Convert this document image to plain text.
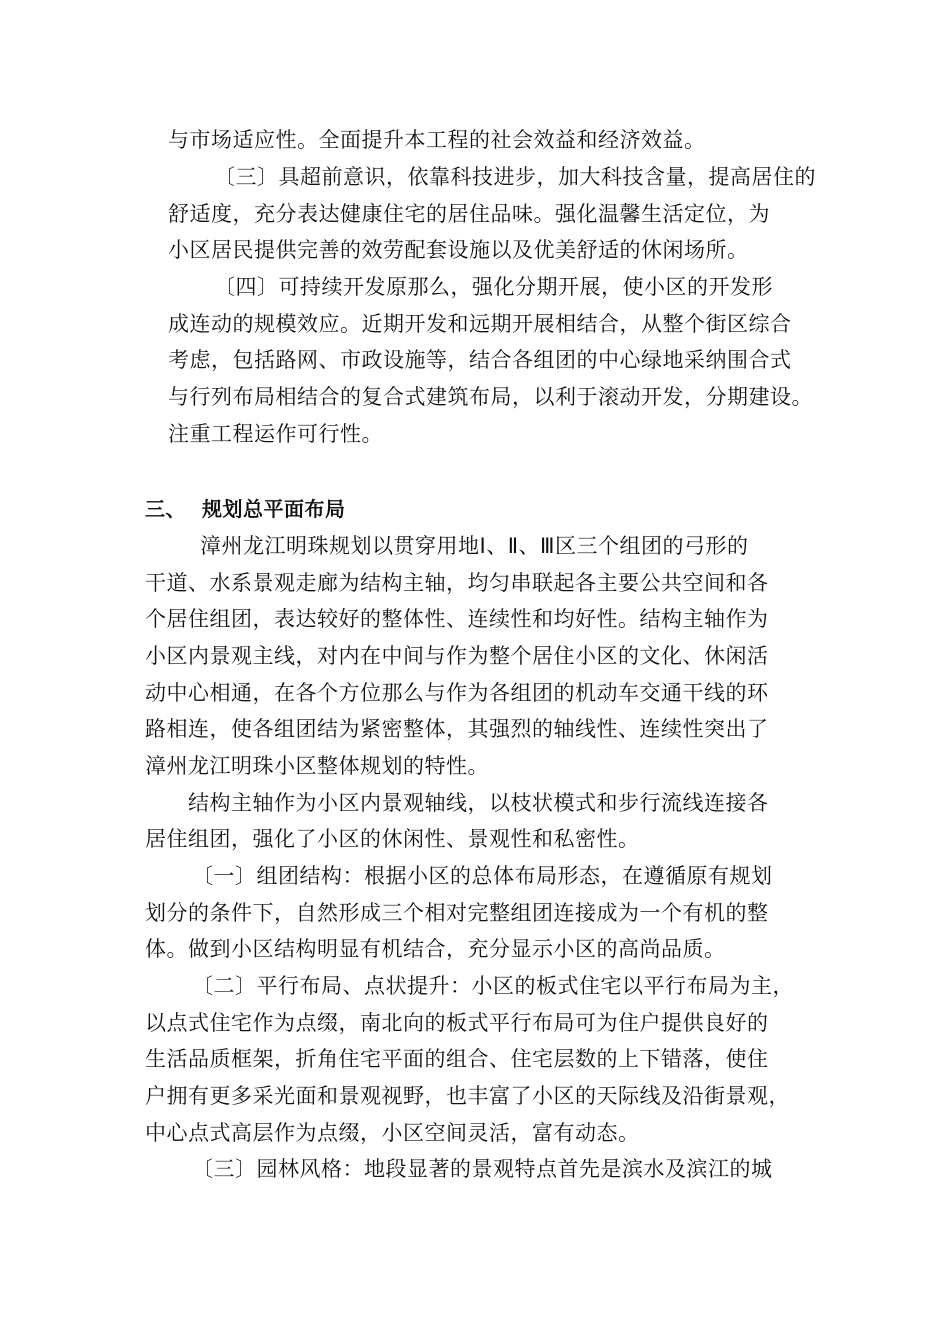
与市场适应性。全面提升本工程的社会效益和经济效益。
〔三〕具超前意识，依靠科技进步，加大科技含量，提高居住的
舒适度，充分表达健康住宅的居住品味。强化温馨生活定位，为
小区居民提供完善的效劳配套设施以及优美舒适的休闲场所。
〔四〕可持续开发原那么，强化分期开展，使小区的开发形
成连动的规模效应。近期开发和远期开展相结合，从整个街区综合
考虑，包括路网、市政设施等，结合各组团的中心绿地采纳围合式
与行列布局相结合的复合式建筑布局，以利于滚动开发，分期建设。
注重工程运作可行性。
三、 规划总平面布局
漳州龙江明珠规划以贯穿用地Ⅰ、Ⅱ、Ⅲ区三个组团的弓形的
干道、水系景观走廊为结构主轴，均匀串联起各主要公共空间和各
个居住组团，表达较好的整体性、连续性和均好性。结构主轴作为
小区内景观主线，对内在中间与作为整个居住小区的文化、休闲活
动中心相通，在各个方位那么与作为各组团的机动车交通干线的环
路相连，使各组团结为紧密整体，其强烈的轴线性、连续性突出了
漳州龙江明珠小区整体规划的特性。
结构主轴作为小区内景观轴线，以枝状模式和步行流线连接各
居住组团，强化了小区的休闲性、景观性和私密性。
〔一〕组团结构：根据小区的总体布局形态，在遵循原有规划
划分的条件下，自然形成三个相对完整组团连接成为一个有机的整
体。做到小区结构明显有机结合，充分显示小区的高尚品质。
〔二〕平行布局、点状提升：小区的板式住宅以平行布局为主，
以点式住宅作为点缀，南北向的板式平行布局可为住户提供良好的
生活品质框架，折角住宅平面的组合、住宅层数的上下错落，使住
户拥有更多采光面和景观视野，也丰富了小区的天际线及沿街景观，
中心点式高层作为点缀，小区空间灵活，富有动态。
〔三〕园林风格：地段显著的景观特点首先是滨水及滨江的城
